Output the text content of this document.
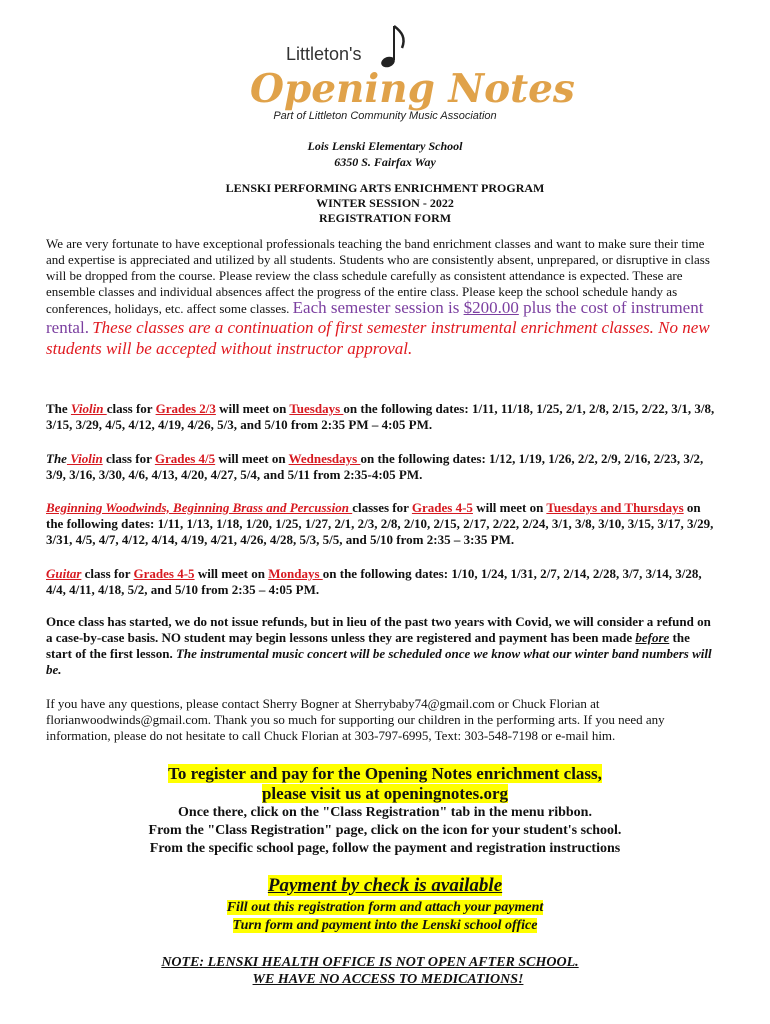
Littleton's
Opening Notes
Part of Littleton Community Music Association
Lois Lenski Elementary School
6350 S. Fairfax Way
LENSKI PERFORMING ARTS ENRICHMENT PROGRAM
WINTER SESSION - 2022
REGISTRATION FORM
We are very fortunate to have exceptional professionals teaching the band enrichment classes and want to make sure their time and expertise is appreciated and utilized by all students. Students who are consistently absent, unprepared, or disruptive in class will be dropped from the course. Please review the class schedule carefully as consistent attendance is expected. These are ensemble classes and individual absences affect the progress of the entire class. Please keep the school schedule handy as conferences, holidays, etc. affect some classes. Each semester session is $200.00 plus the cost of instrument rental. These classes are a continuation of first semester instrumental enrichment classes. No new students will be accepted without instructor approval.
The Violin class for Grades 2/3 will meet on Tuesdays on the following dates: 1/11, 11/18, 1/25, 2/1, 2/8, 2/15, 2/22, 3/1, 3/8, 3/15, 3/29, 4/5, 4/12, 4/19, 4/26, 5/3, and 5/10 from 2:35 PM – 4:05 PM.
The Violin class for Grades 4/5 will meet on Wednesdays on the following dates: 1/12, 1/19, 1/26, 2/2, 2/9, 2/16, 2/23, 3/2, 3/9, 3/16, 3/30, 4/6, 4/13, 4/20, 4/27, 5/4, and 5/11 from 2:35-4:05 PM.
Beginning Woodwinds, Beginning Brass and Percussion classes for Grades 4-5 will meet on Tuesdays and Thursdays on the following dates: 1/11, 1/13, 1/18, 1/20, 1/25, 1/27, 2/1, 2/3, 2/8, 2/10, 2/15, 2/17, 2/22, 2/24, 3/1, 3/8, 3/10, 3/15, 3/17, 3/29, 3/31, 4/5, 4/7, 4/12, 4/14, 4/19, 4/21, 4/26, 4/28, 5/3, 5/5, and 5/10 from 2:35 – 3:35 PM.
Guitar class for Grades 4-5 will meet on Mondays on the following dates: 1/10, 1/24, 1/31, 2/7, 2/14, 2/28, 3/7, 3/14, 3/28, 4/4, 4/11, 4/18, 5/2, and 5/10 from 2:35 – 4:05 PM.
Once class has started, we do not issue refunds, but in lieu of the past two years with Covid, we will consider a refund on a case-by-case basis. NO student may begin lessons unless they are registered and payment has been made before the start of the first lesson. The instrumental music concert will be scheduled once we know what our winter band numbers will be.
If you have any questions, please contact Sherry Bogner at Sherrybaby74@gmail.com or Chuck Florian at florianwoodwinds@gmail.com. Thank you so much for supporting our children in the performing arts. If you need any information, please do not hesitate to call Chuck Florian at 303-797-6995, Text: 303-548-7198 or e-mail him.
To register and pay for the Opening Notes enrichment class,
please visit us at openingnotes.org
Once there, click on the "Class Registration" tab in the menu ribbon.
From the "Class Registration" page, click on the icon for your student's school.
From the specific school page, follow the payment and registration instructions
Payment by check is available
Fill out this registration form and attach your payment
Turn form and payment into the Lenski school office
NOTE: LENSKI HEALTH OFFICE IS NOT OPEN AFTER SCHOOL.
WE HAVE NO ACCESS TO MEDICATIONS!
